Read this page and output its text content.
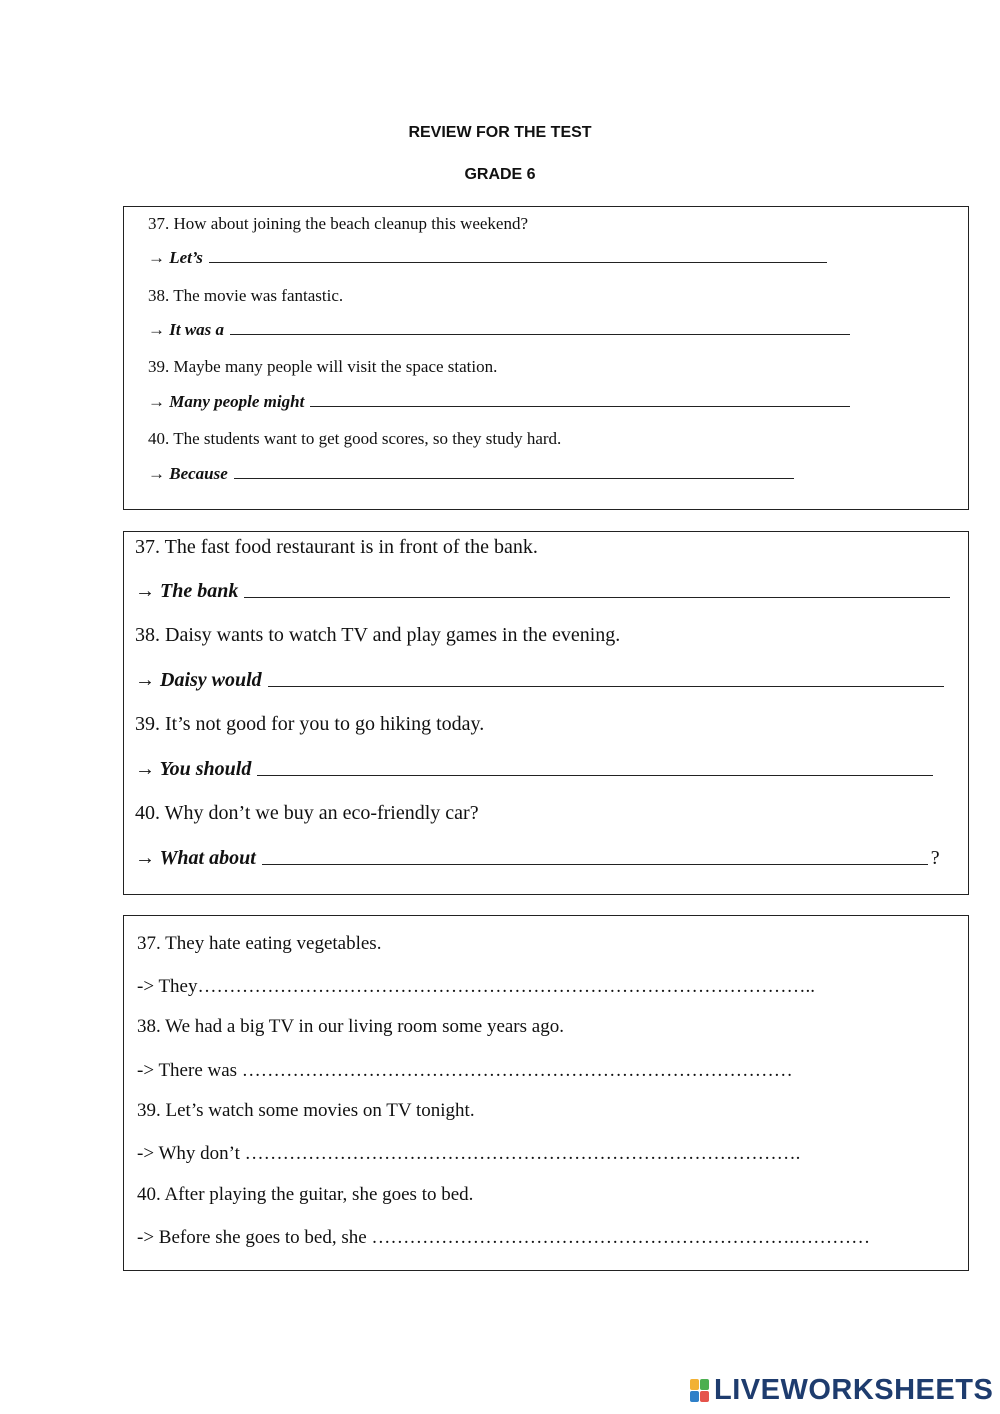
REVIEW FOR THE TEST
GRADE 6
37. How about joining the beach cleanup this weekend?
→ Let’s
38. The movie was fantastic.
→ It was a
39. Maybe many people will visit the space station.
→ Many people might
40. The students want to get good scores, so they study hard.
→ Because
37. The fast food restaurant is in front of the bank.
→ The bank
38. Daisy wants to watch TV and play games in the evening.
→ Daisy would
39. It’s not good for you to go hiking today.
→ You should
40. Why don’t we buy an eco-friendly car?
→ What about	?
37. They hate eating vegetables.
-> They……………………………………………………………………………………..
38. We had a big TV in our living room some years ago.
-> There was ……………………………………………………………………………
39. Let’s watch some movies on TV tonight.
-> Why don’t …………………………………………………………………………….
40. After playing the guitar, she goes to bed.
-> Before she goes to bed, she ………………………………………………………….…………
LIVEWORKSHEETS
